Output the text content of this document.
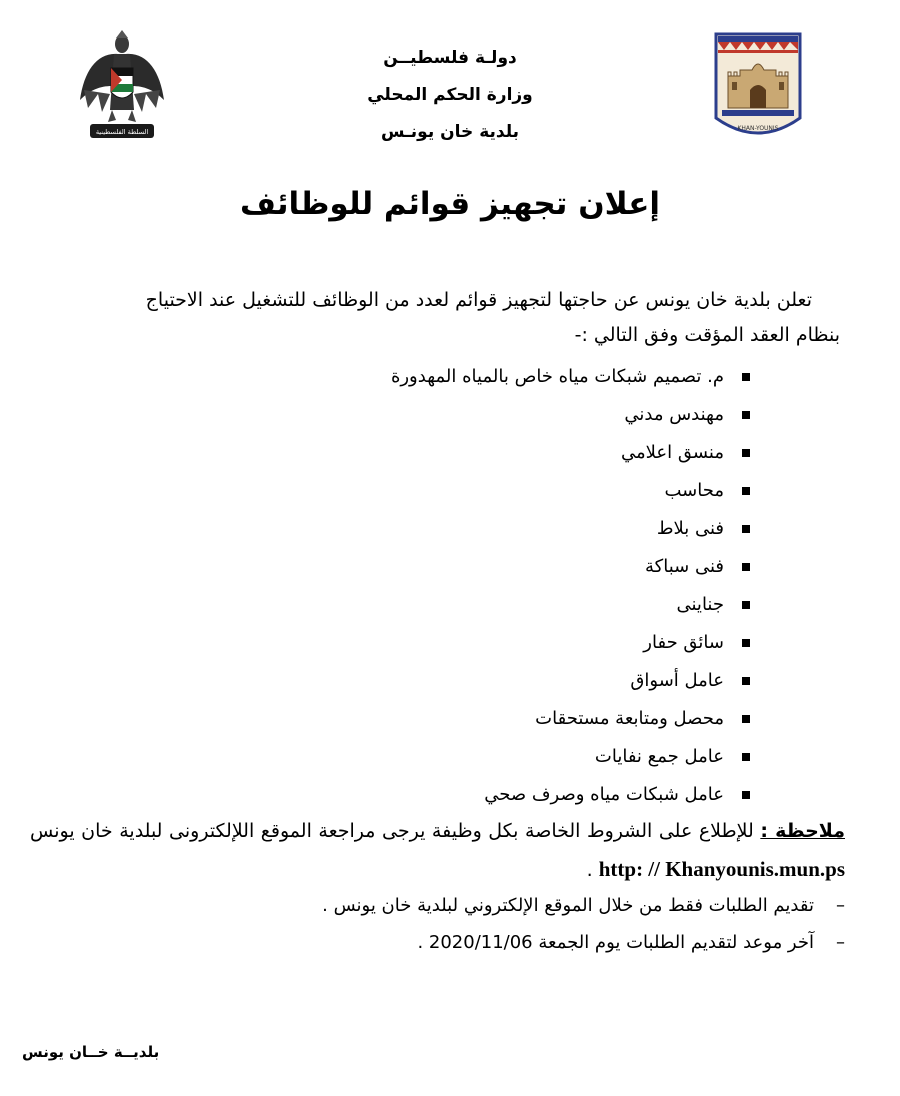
السلطة الفلسطينية	KHAN-YOUNIS
دولـة فلسطيــن
وزارة الحكم المحلي
بلدية خان يونـس
إعلان تجهيز قوائم للوظائف
تعلن بلدية خان يونس عن حاجتها لتجهيز قوائم لعدد من الوظائف للتشغيل عند الاحتياج
بنظام العقد المؤقت وفق التالي :-
م. تصميم شبكات مياه خاص بالمياه المهدورة
مهندس مدني
منسق اعلامي
محاسب
فنى بلاط
فنى سباكة
جناينى
سائق حفار
عامل أسواق
محصل ومتابعة مستحقات
عامل جمع نفايات
عامل شبكات مياه وصرف صحي
ملاحظة : للإطلاع على الشروط الخاصة بكل وظيفة يرجى مراجعة الموقع اللإلكترونى لبلدية خان يونس http: // Khanyounis.mun.ps .
–تقديم الطلبات فقط من خلال الموقع الإلكتروني لبلدية خان يونس .
–آخر موعد لتقديم الطلبات يوم الجمعة 2020/11/06 .
بلديــة خــان يونس
